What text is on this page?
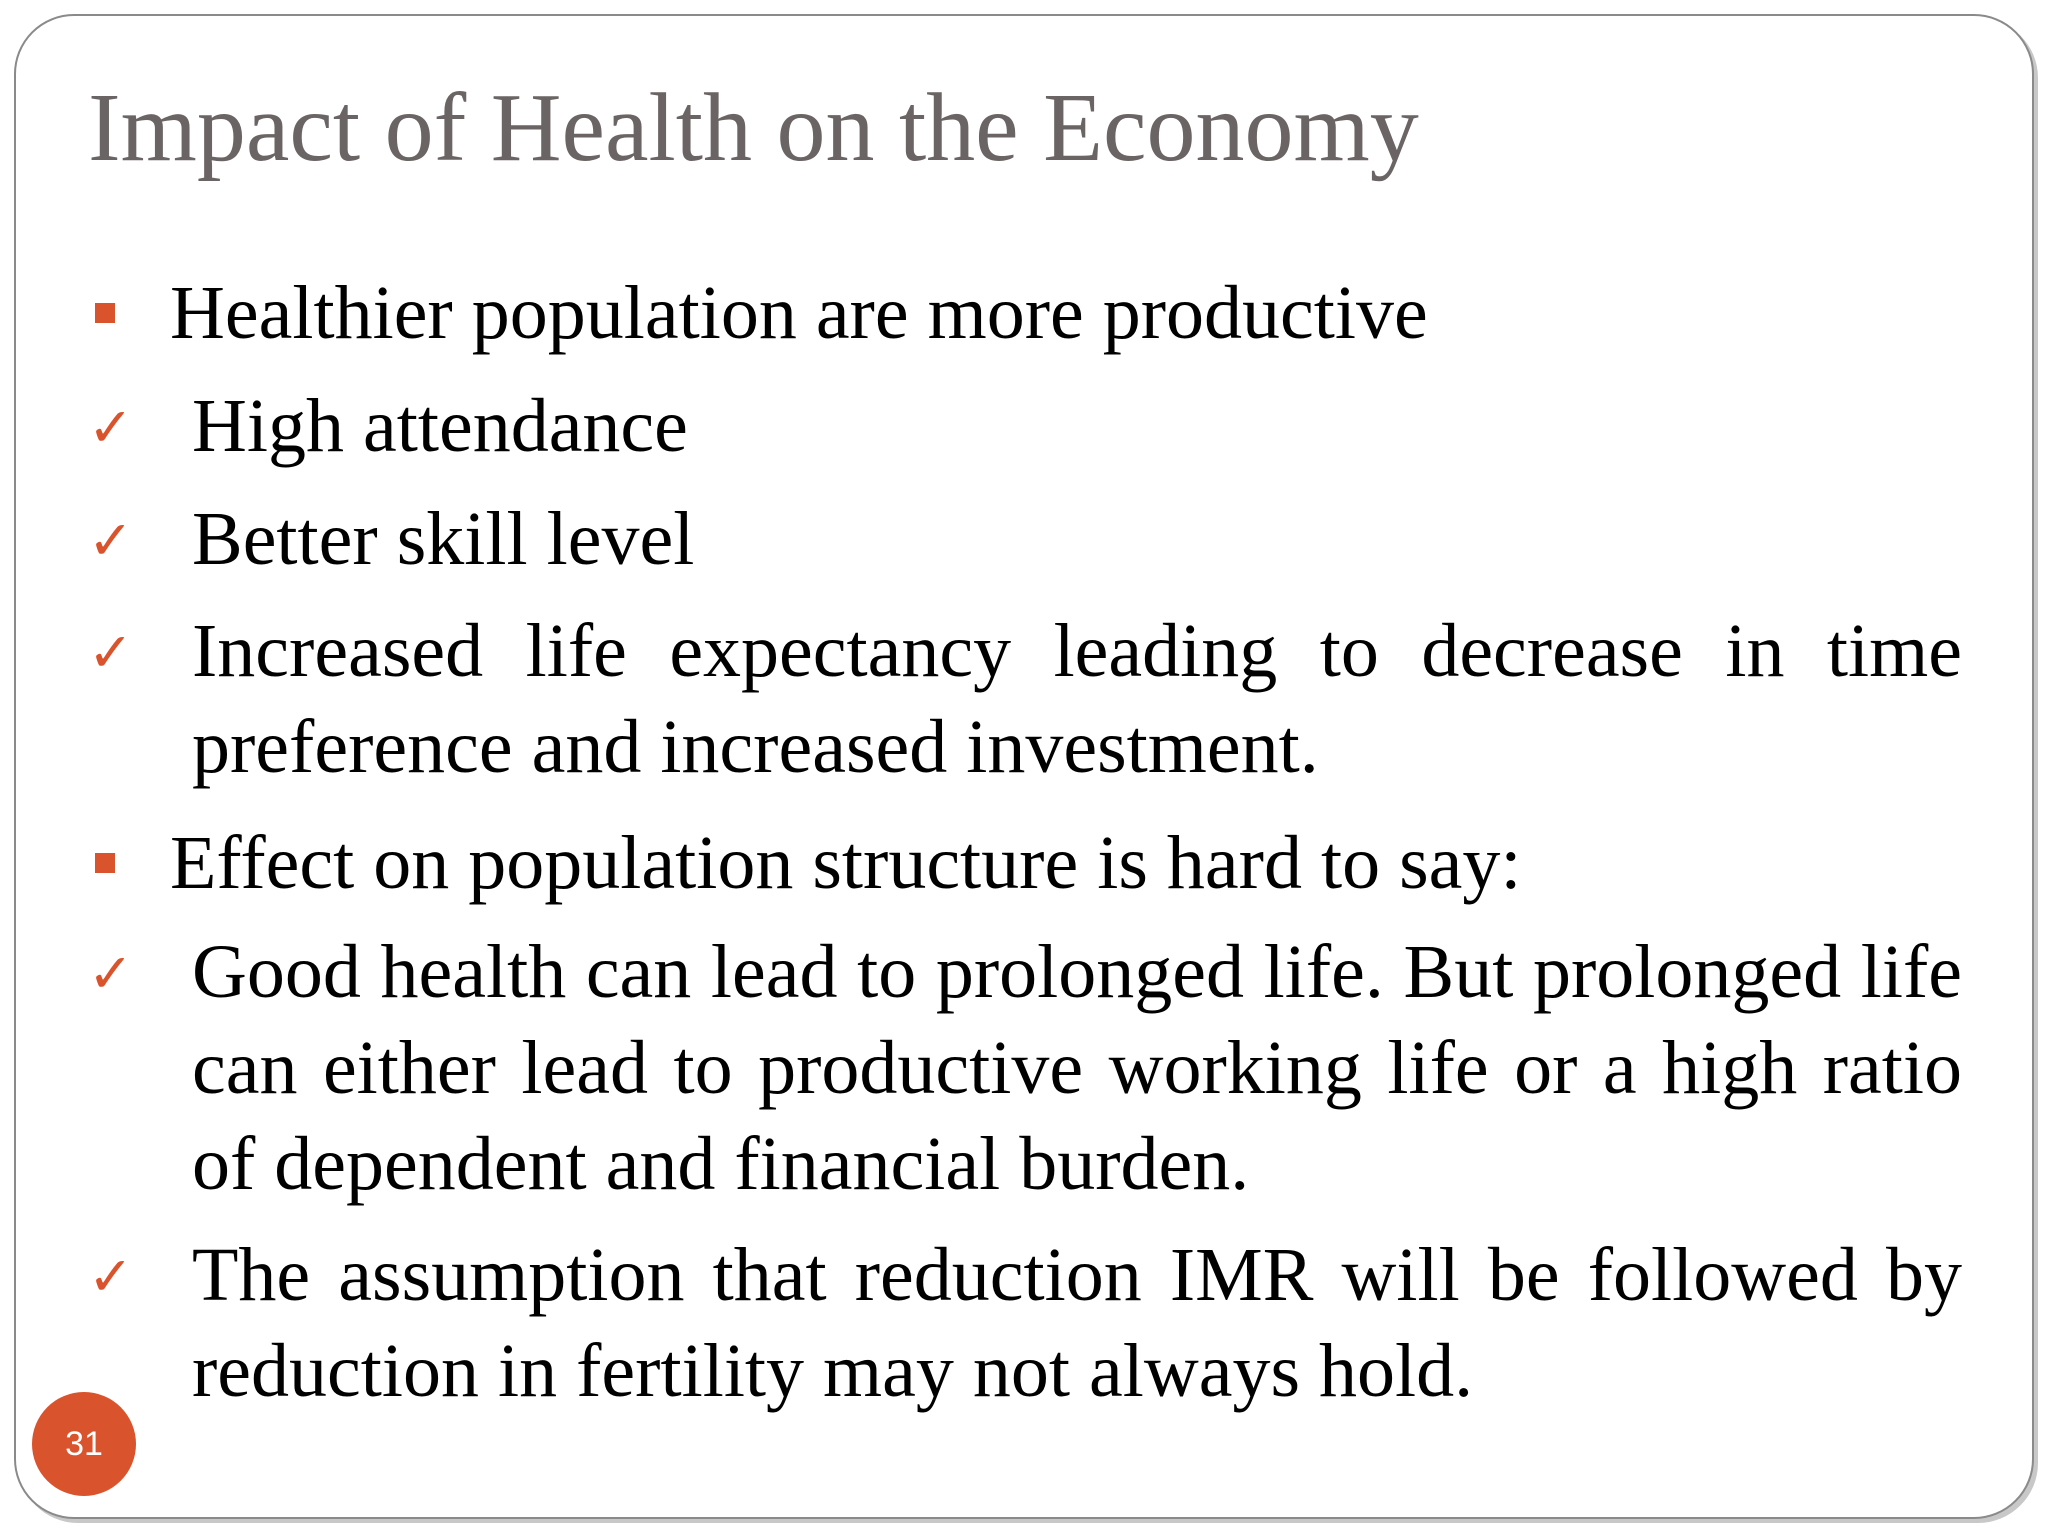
Impact of Health on the Economy
Healthier population are more productive
✓ High attendance
✓ Better skill level
✓ Increased life expectancy leading to decrease in time preference and increased investment.
Effect on population structure is hard to say:
✓ Good health can lead to prolonged life. But prolonged life can either lead to productive working life or a high ratio of dependent and financial burden.
✓ The assumption that reduction IMR will be followed by reduction in fertility may not always hold.
31
